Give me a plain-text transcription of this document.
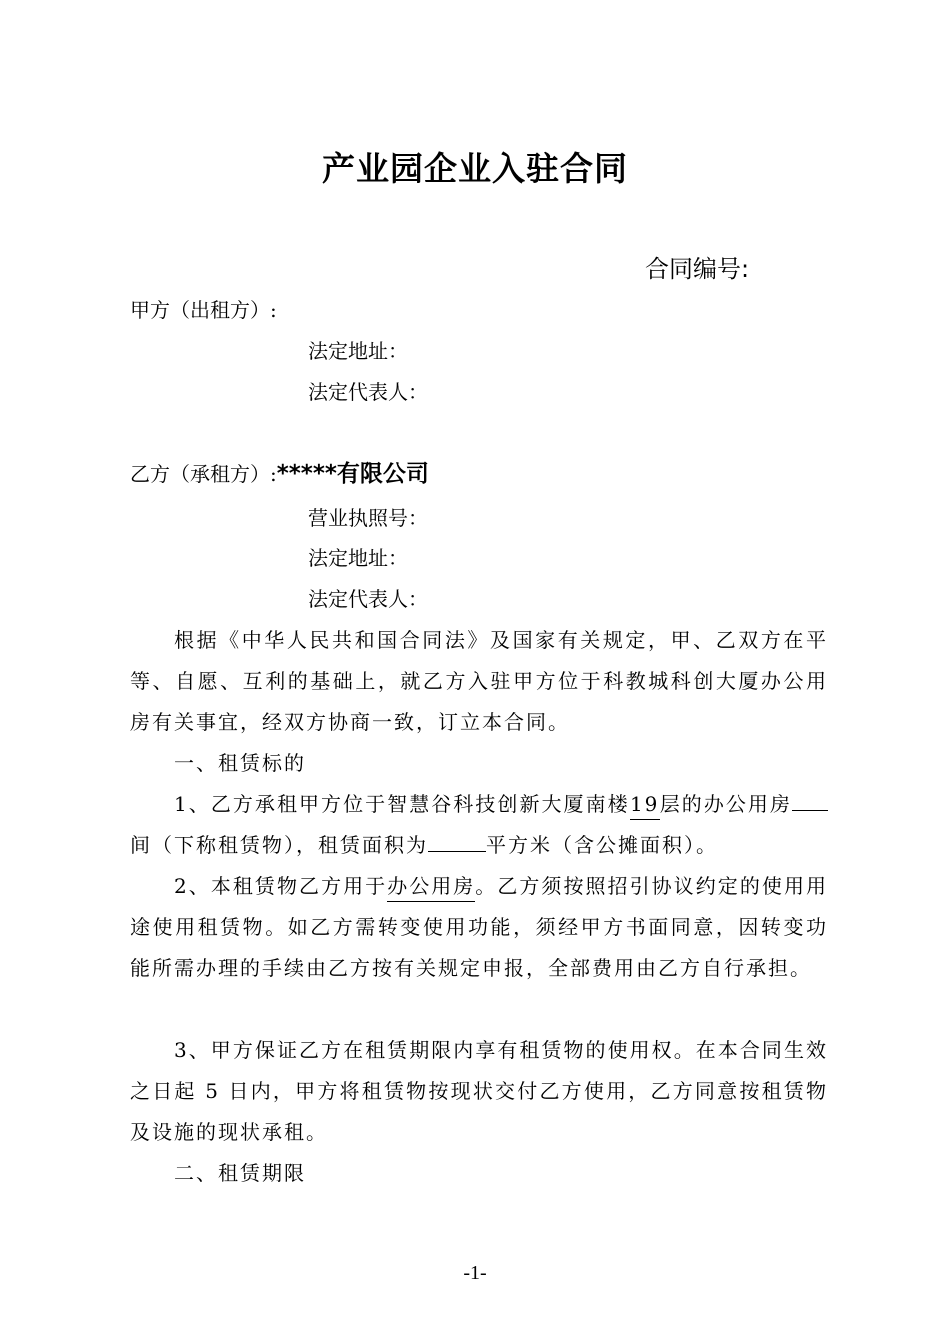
产业园企业入驻合同
合同编号:
甲方（出租方）:
法定地址：
法定代表人：
乙方（承租方）:*****有限公司
营业执照号：
法定地址：
法定代表人：
根据《中华人民共和国合同法》及国家有关规定，甲、乙双方在平等、自愿、互利的基础上，就乙方入驻甲方位于科教城科创大厦办公用房有关事宜，经双方协商一致，订立本合同。
一、租赁标的
1、乙方承租甲方位于智慧谷科技创新大厦南楼19层的办公用房间（下称租赁物），租赁面积为	平方米（含公摊面积）。
2、本租赁物乙方用于办公用房。乙方须按照招引协议约定的使用用途使用租赁物。如乙方需转变使用功能，须经甲方书面同意，因转变功能所需办理的手续由乙方按有关规定申报，全部费用由乙方自行承担。
3、甲方保证乙方在租赁期限内享有租赁物的使用权。在本合同生效之日起 5 日内，甲方将租赁物按现状交付乙方使用，乙方同意按租赁物及设施的现状承租。
二、租赁期限
-1-
